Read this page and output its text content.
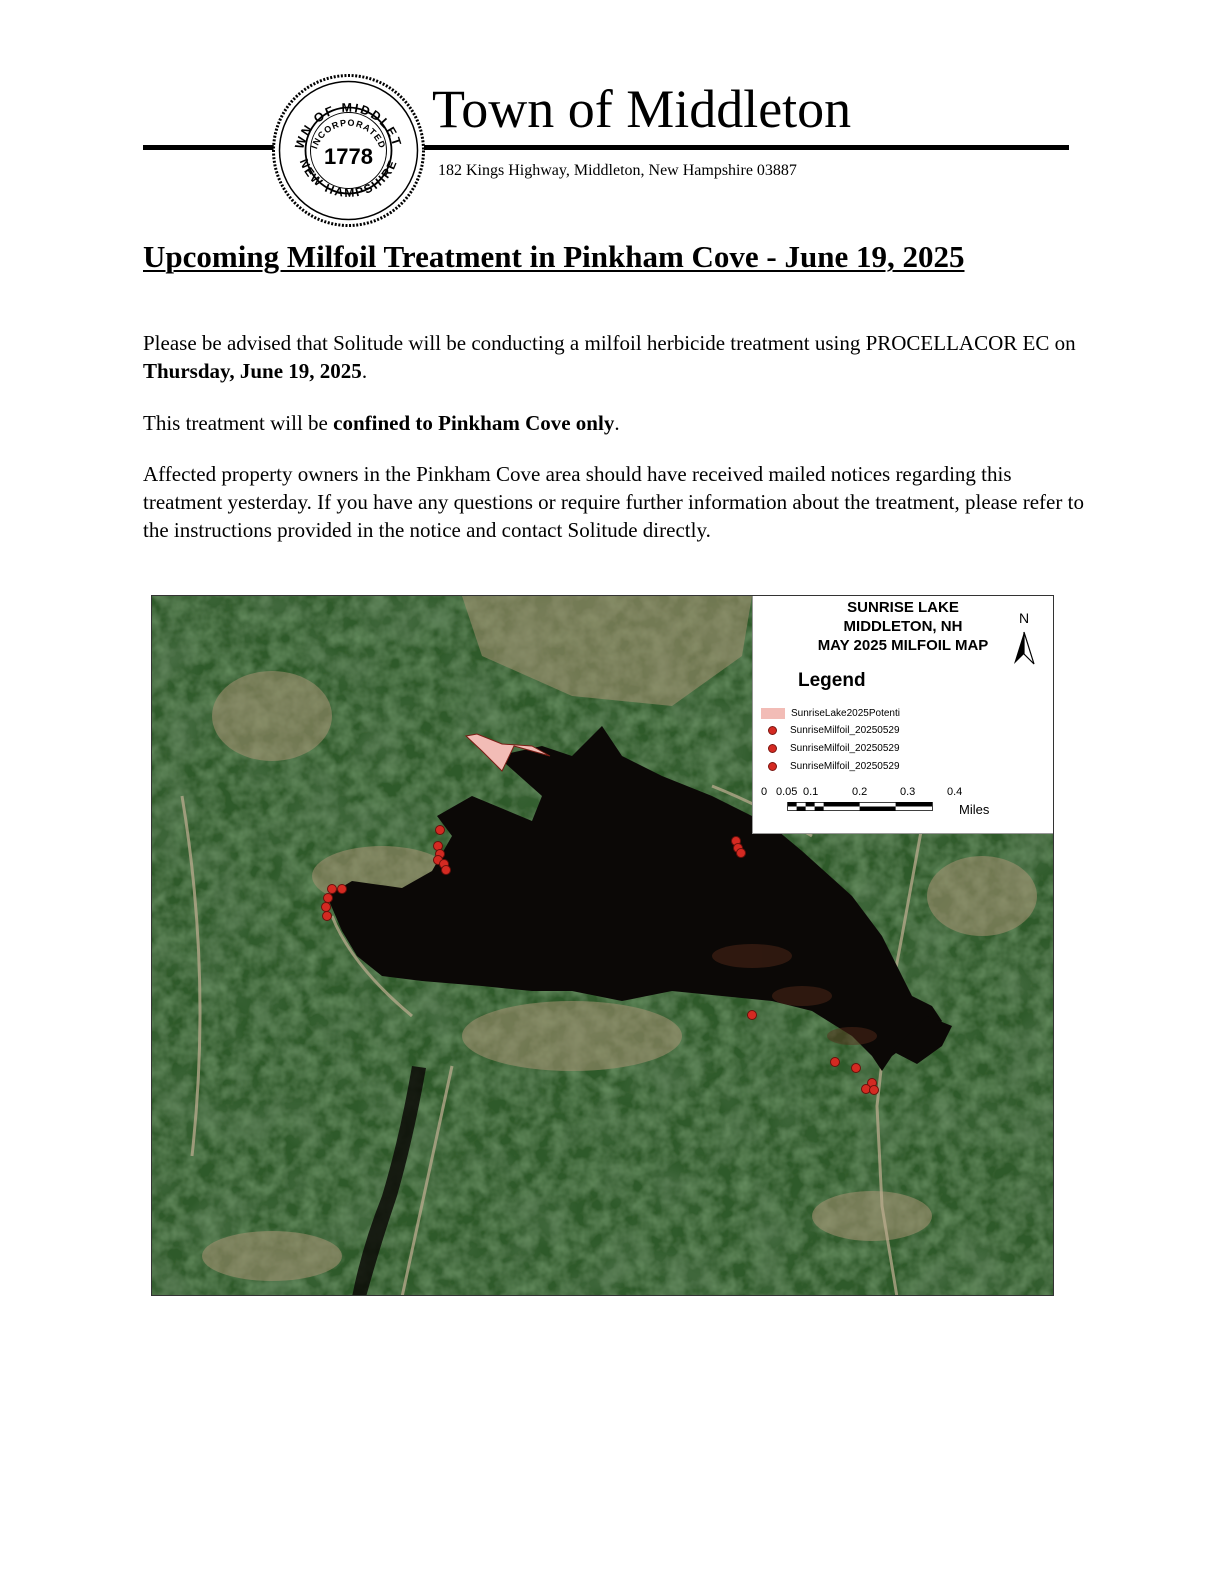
WN OF MIDDLET
NEW HAMPSHIRE
INCORPORATED
1778
Town of Middleton
182 Kings Highway, Middleton, New Hampshire 03887
Upcoming Milfoil Treatment in Pinkham Cove - June 19, 2025

Please be advised that Solitude will be conducting a milfoil herbicide treatment using PROCELLACOR EC on Thursday, June 19, 2025.

This treatment will be confined to Pinkham Cove only.

Affected property owners in the Pinkham Cove area should have received mailed notices regarding this treatment yesterday. If you have any questions or require further information about the treatment, please refer to the instructions provided in the notice and contact Solitude directly.

SUNRISE LAKE
MIDDLETON, NH
MAY 2025 MILFOIL MAP
N
Legend
SunriseLake2025Potenti
SunriseMilfoil_20250529
SunriseMilfoil_20250529
SunriseMilfoil_20250529
0 0.05 0.1	0.2	0.3	0.4
Miles
